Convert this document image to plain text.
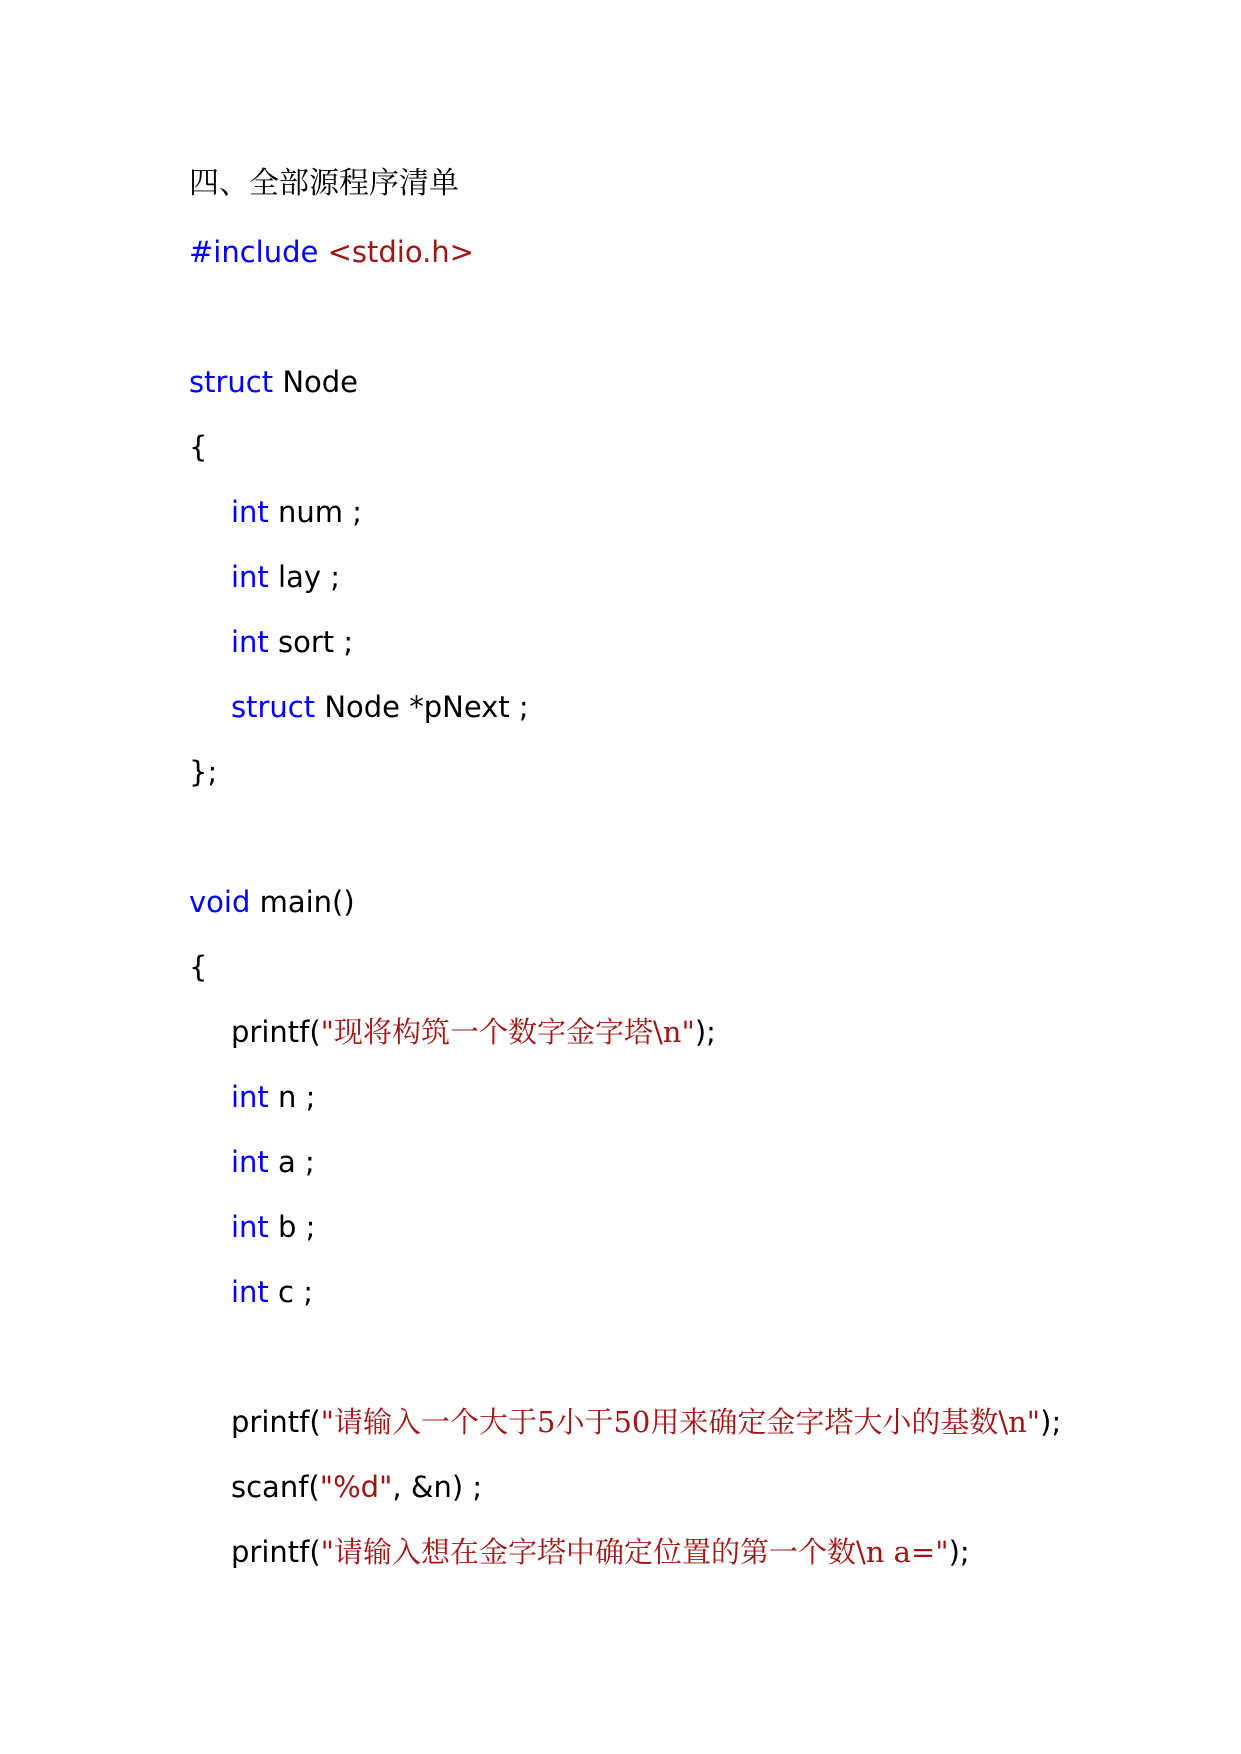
四、全部源程序清单
#include <stdio.h>

struct Node
{
int num ;
int lay ;
int sort ;
struct Node *pNext ;
};

void main()
{
printf("现将构筑一个数字金字塔\n");
int n ;
int a ;
int b ;
int c ;

printf("请输入一个大于5小于50用来确定金字塔大小的基数\n");
scanf("%d", &n) ;
printf("请输入想在金字塔中确定位置的第一个数\n a=");
